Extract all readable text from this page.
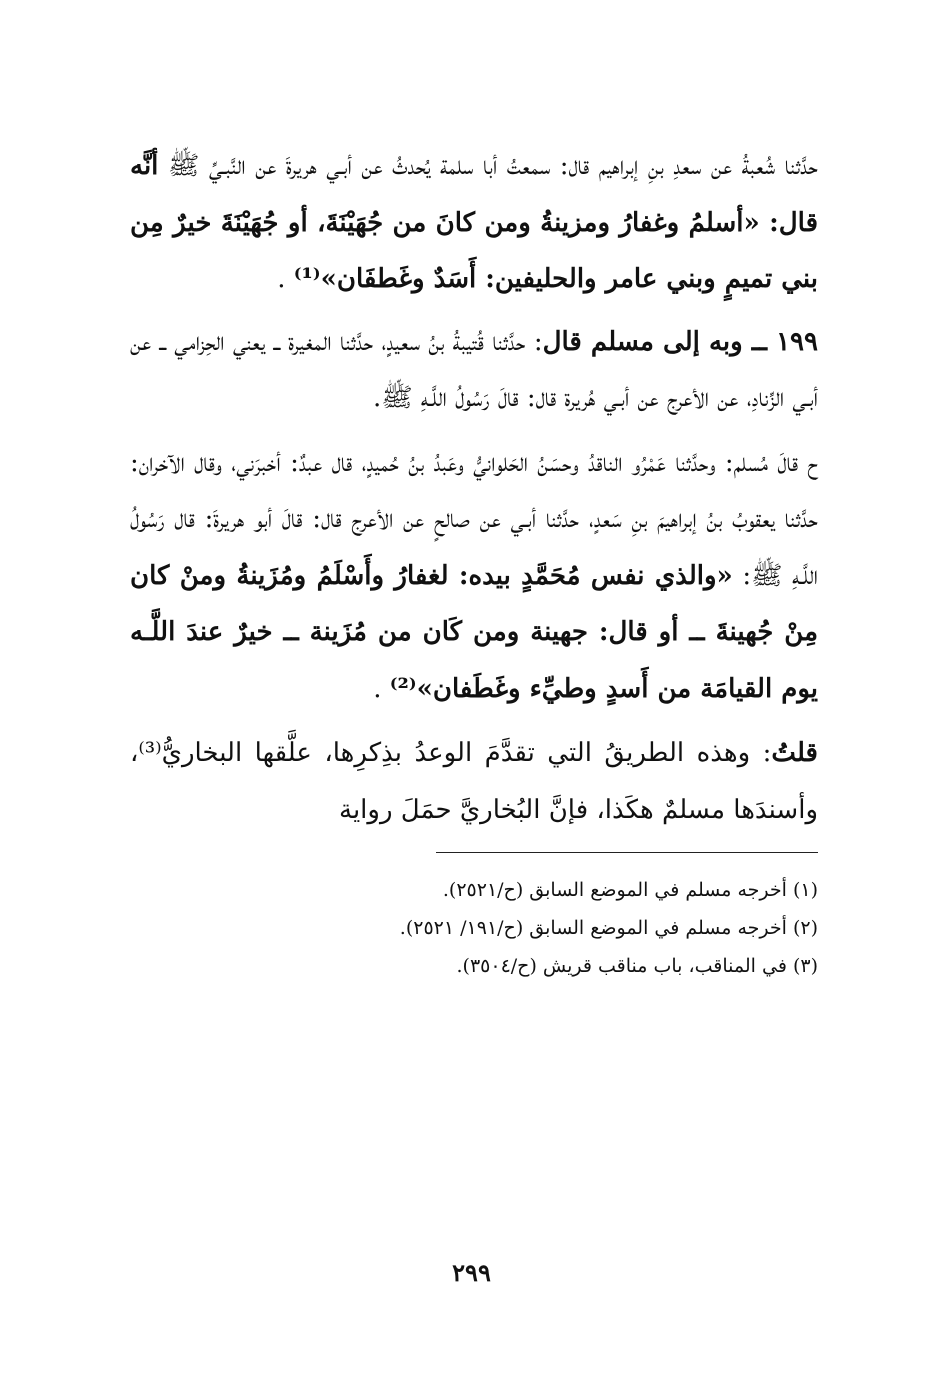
حدَّثنا شُعبةُ عن سعدِ بنِ إبراهيم قال: سمعتُ أبا سلمة يُحدثُ عن أبـي هريرةَ عن النَّبـيِّ ﷺ أنَّه قال: «أسلمُ وغفارُ ومزينةُ ومن كانَ من جُهَيْنَةَ، أو جُهَيْنَةَ خيرٌ مِن بني تميمٍ وبني عامر والحليفين: أَسَدٌ وغَطفَان»⁽¹⁾ .

١٩٩ ــ وبه إلى مسلم قال: حدَّثنا قُتيبةُ بنُ سعيدٍ، حدَّثنا المغيرة ــ يعني الحِزامي ــ عن أبـي الزِّنادِ، عن الأعرج عن أبـي هُريرة قال: قالَ رَسُولُ اللَّـهِ ﷺ.

ح قالَ مُسلم: وحدَّثنا عَمْرُو الناقدُ وحسَنُ الحَلوانيُّ وعَبدُ بنُ حُميدٍ، قال عبدٌ: أخبرَني، وقال الآخران: حدَّثنا يعقوبُ بنُ إبراهيمَ بنِ سَعدٍ، حدَّثنا أبـي عن صالحٍ عن الأعرج قال: قالَ أبو هريرةَ: قال رَسُولُ اللَّـهِ ﷺ: «والذي نفس مُحَمَّدٍ بيده: لغفارُ وأَسْلَمُ ومُزَينةُ ومنْ كان مِنْ جُهينةَ ــ أو قال: جهينة ومن كَان من مُزَينة ــ خيرٌ عندَ اللَّـه يوم القيامَة من أَسدٍ وطيِّء وغَطَفان»⁽²⁾ .

قلتُ: وهذه الطريقُ التي تقدَّمَ الوعدُ بذِكرِها، علَّقها البخاريُّ⁽³⁾، وأسندَها مسلمٌ هكَذا، فإنَّ البُخاريَّ حمَلَ رواية

(١) أخرجه مسلم في الموضع السابق (ح/٢٥٢١).
(٢) أخرجه مسلم في الموضع السابق (ح/١٩١/ ٢٥٢١).
(٣) في المناقب، باب مناقب قريش (ح/٣٥٠٤).
٢٩٩
